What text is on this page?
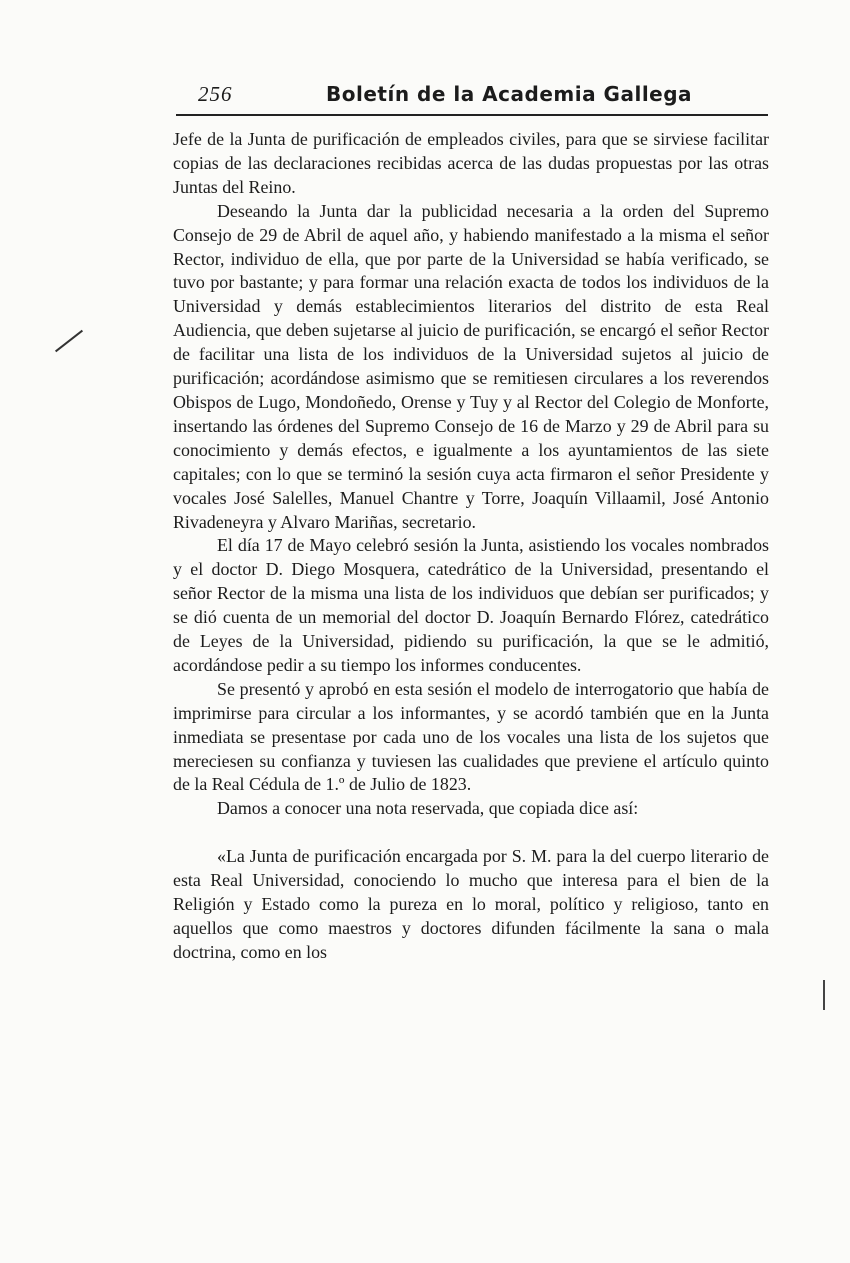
256	Boletín de la Academia Gallega

Jefe de la Junta de purificación de empleados civiles, para que se sirviese facilitar copias de las declaraciones recibidas acerca de las dudas propuestas por las otras Juntas del Reino.

Deseando la Junta dar la publicidad necesaria a la orden del Supremo Consejo de 29 de Abril de aquel año, y habiendo manifestado a la misma el señor Rector, individuo de ella, que por parte de la Universidad se había verificado, se tuvo por bastante; y para formar una relación exacta de todos los individuos de la Universidad y demás establecimientos literarios del distrito de esta Real Audiencia, que deben sujetarse al juicio de purificación, se encargó el señor Rector de facilitar una lista de los individuos de la Universidad sujetos al juicio de purificación; acordándose asimismo que se remitiesen circulares a los reverendos Obispos de Lugo, Mondoñedo, Orense y Tuy y al Rector del Colegio de Monforte, insertando las órdenes del Supremo Consejo de 16 de Marzo y 29 de Abril para su conocimiento y demás efectos, e igualmente a los ayuntamientos de las siete capitales; con lo que se terminó la sesión cuya acta firmaron el señor Presidente y vocales José Salelles, Manuel Chantre y Torre, Joaquín Villaamil, José Antonio Rivadeneyra y Alvaro Mariñas, secretario.

El día 17 de Mayo celebró sesión la Junta, asistiendo los vocales nombrados y el doctor D. Diego Mosquera, catedrático de la Universidad, presentando el señor Rector de la misma una lista de los individuos que debían ser purificados; y se dió cuenta de un memorial del doctor D. Joaquín Bernardo Flórez, catedrático de Leyes de la Universidad, pidiendo su purificación, la que se le admitió, acordándose pedir a su tiempo los informes conducentes.

Se presentó y aprobó en esta sesión el modelo de interrogatorio que había de imprimirse para circular a los informantes, y se acordó también que en la Junta inmediata se presentase por cada uno de los vocales una lista de los sujetos que mereciesen su confianza y tuviesen las cualidades que previene el artículo quinto de la Real Cédula de 1.º de Julio de 1823.

Damos a conocer una nota reservada, que copiada dice así:

«La Junta de purificación encargada por S. M. para la del cuerpo literario de esta Real Universidad, conociendo lo mucho que interesa para el bien de la Religión y Estado como la pureza en lo moral, político y religioso, tanto en aquellos que como maestros y doctores difunden fácilmente la sana o mala doctrina, como en los
